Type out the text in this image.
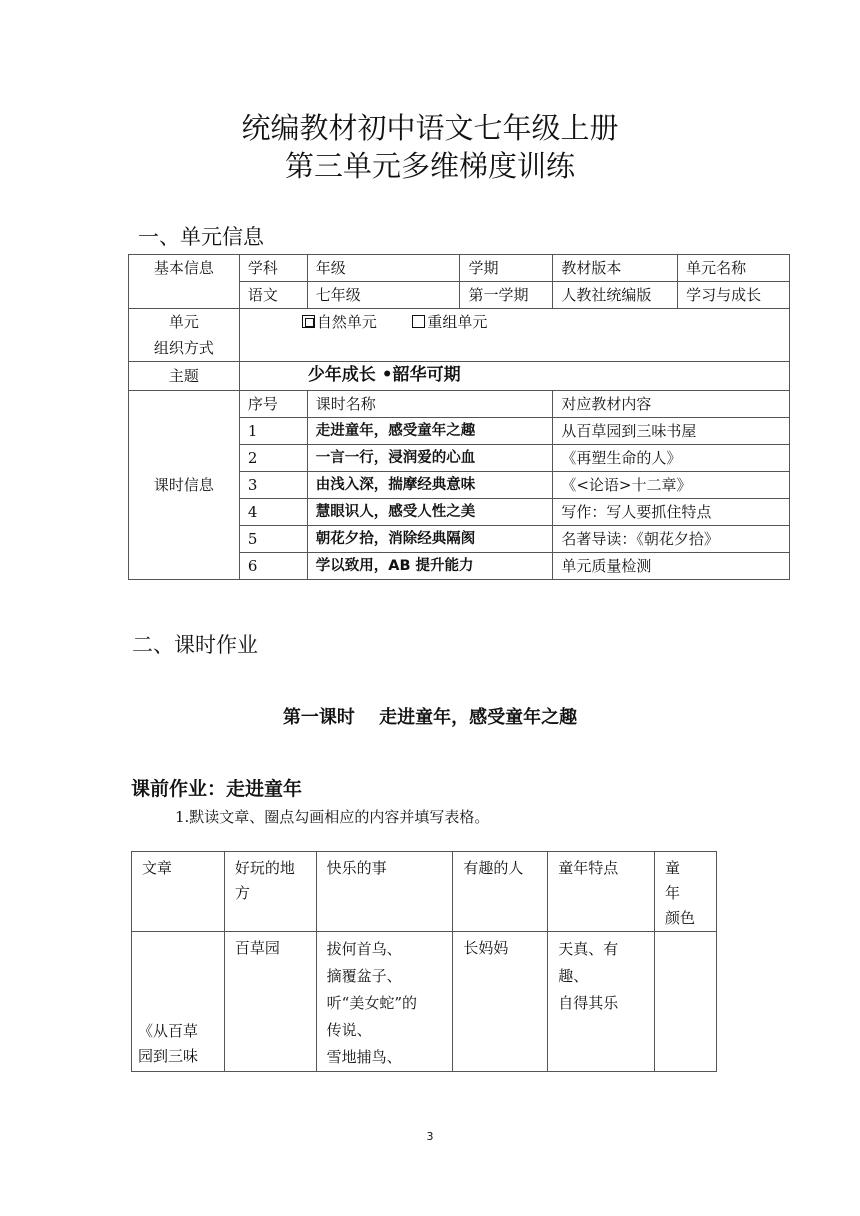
统编教材初中语文七年级上册
第三单元多维梯度训练
一、单元信息
基本信息	学科	年级	学期	教材版本	单元名称
	语文	七年级	第一学期	人教社统编版	学习与成长

单元
组织方式	自然单元 重组单元				
主题	少年成长 •韶华可期				
课时信息	序号	课时名称		对应教材内容	
	1	走进童年，感受童年之趣		从百草园到三味书屋	
	2	一言一行，浸润爱的心血		《再塑生命的人》	
	3	由浅入深，揣摩经典意味		《<论语>十二章》	
	4	慧眼识人，感受人性之美		写作：写人要抓住特点	
	5	朝花夕拾，消除经典隔阂		名著导读：《朝花夕拾》	
	6	学以致用，AB 提升能力		单元质量检测	
二、课时作业
第一课时　 走进童年，感受童年之趣
课前作业：走进童年
1.默读文章、圈点勾画相应的内容并填写表格。
文章	好玩的地方	快乐的事	有趣的人	童年特点	童　年
颜色
《从百草
园到三味	百草园	拔何首乌、
摘覆盆子、
听“美女蛇”的
传说、
雪地捕鸟、	长妈妈	天真、有趣、
自得其乐	
3
